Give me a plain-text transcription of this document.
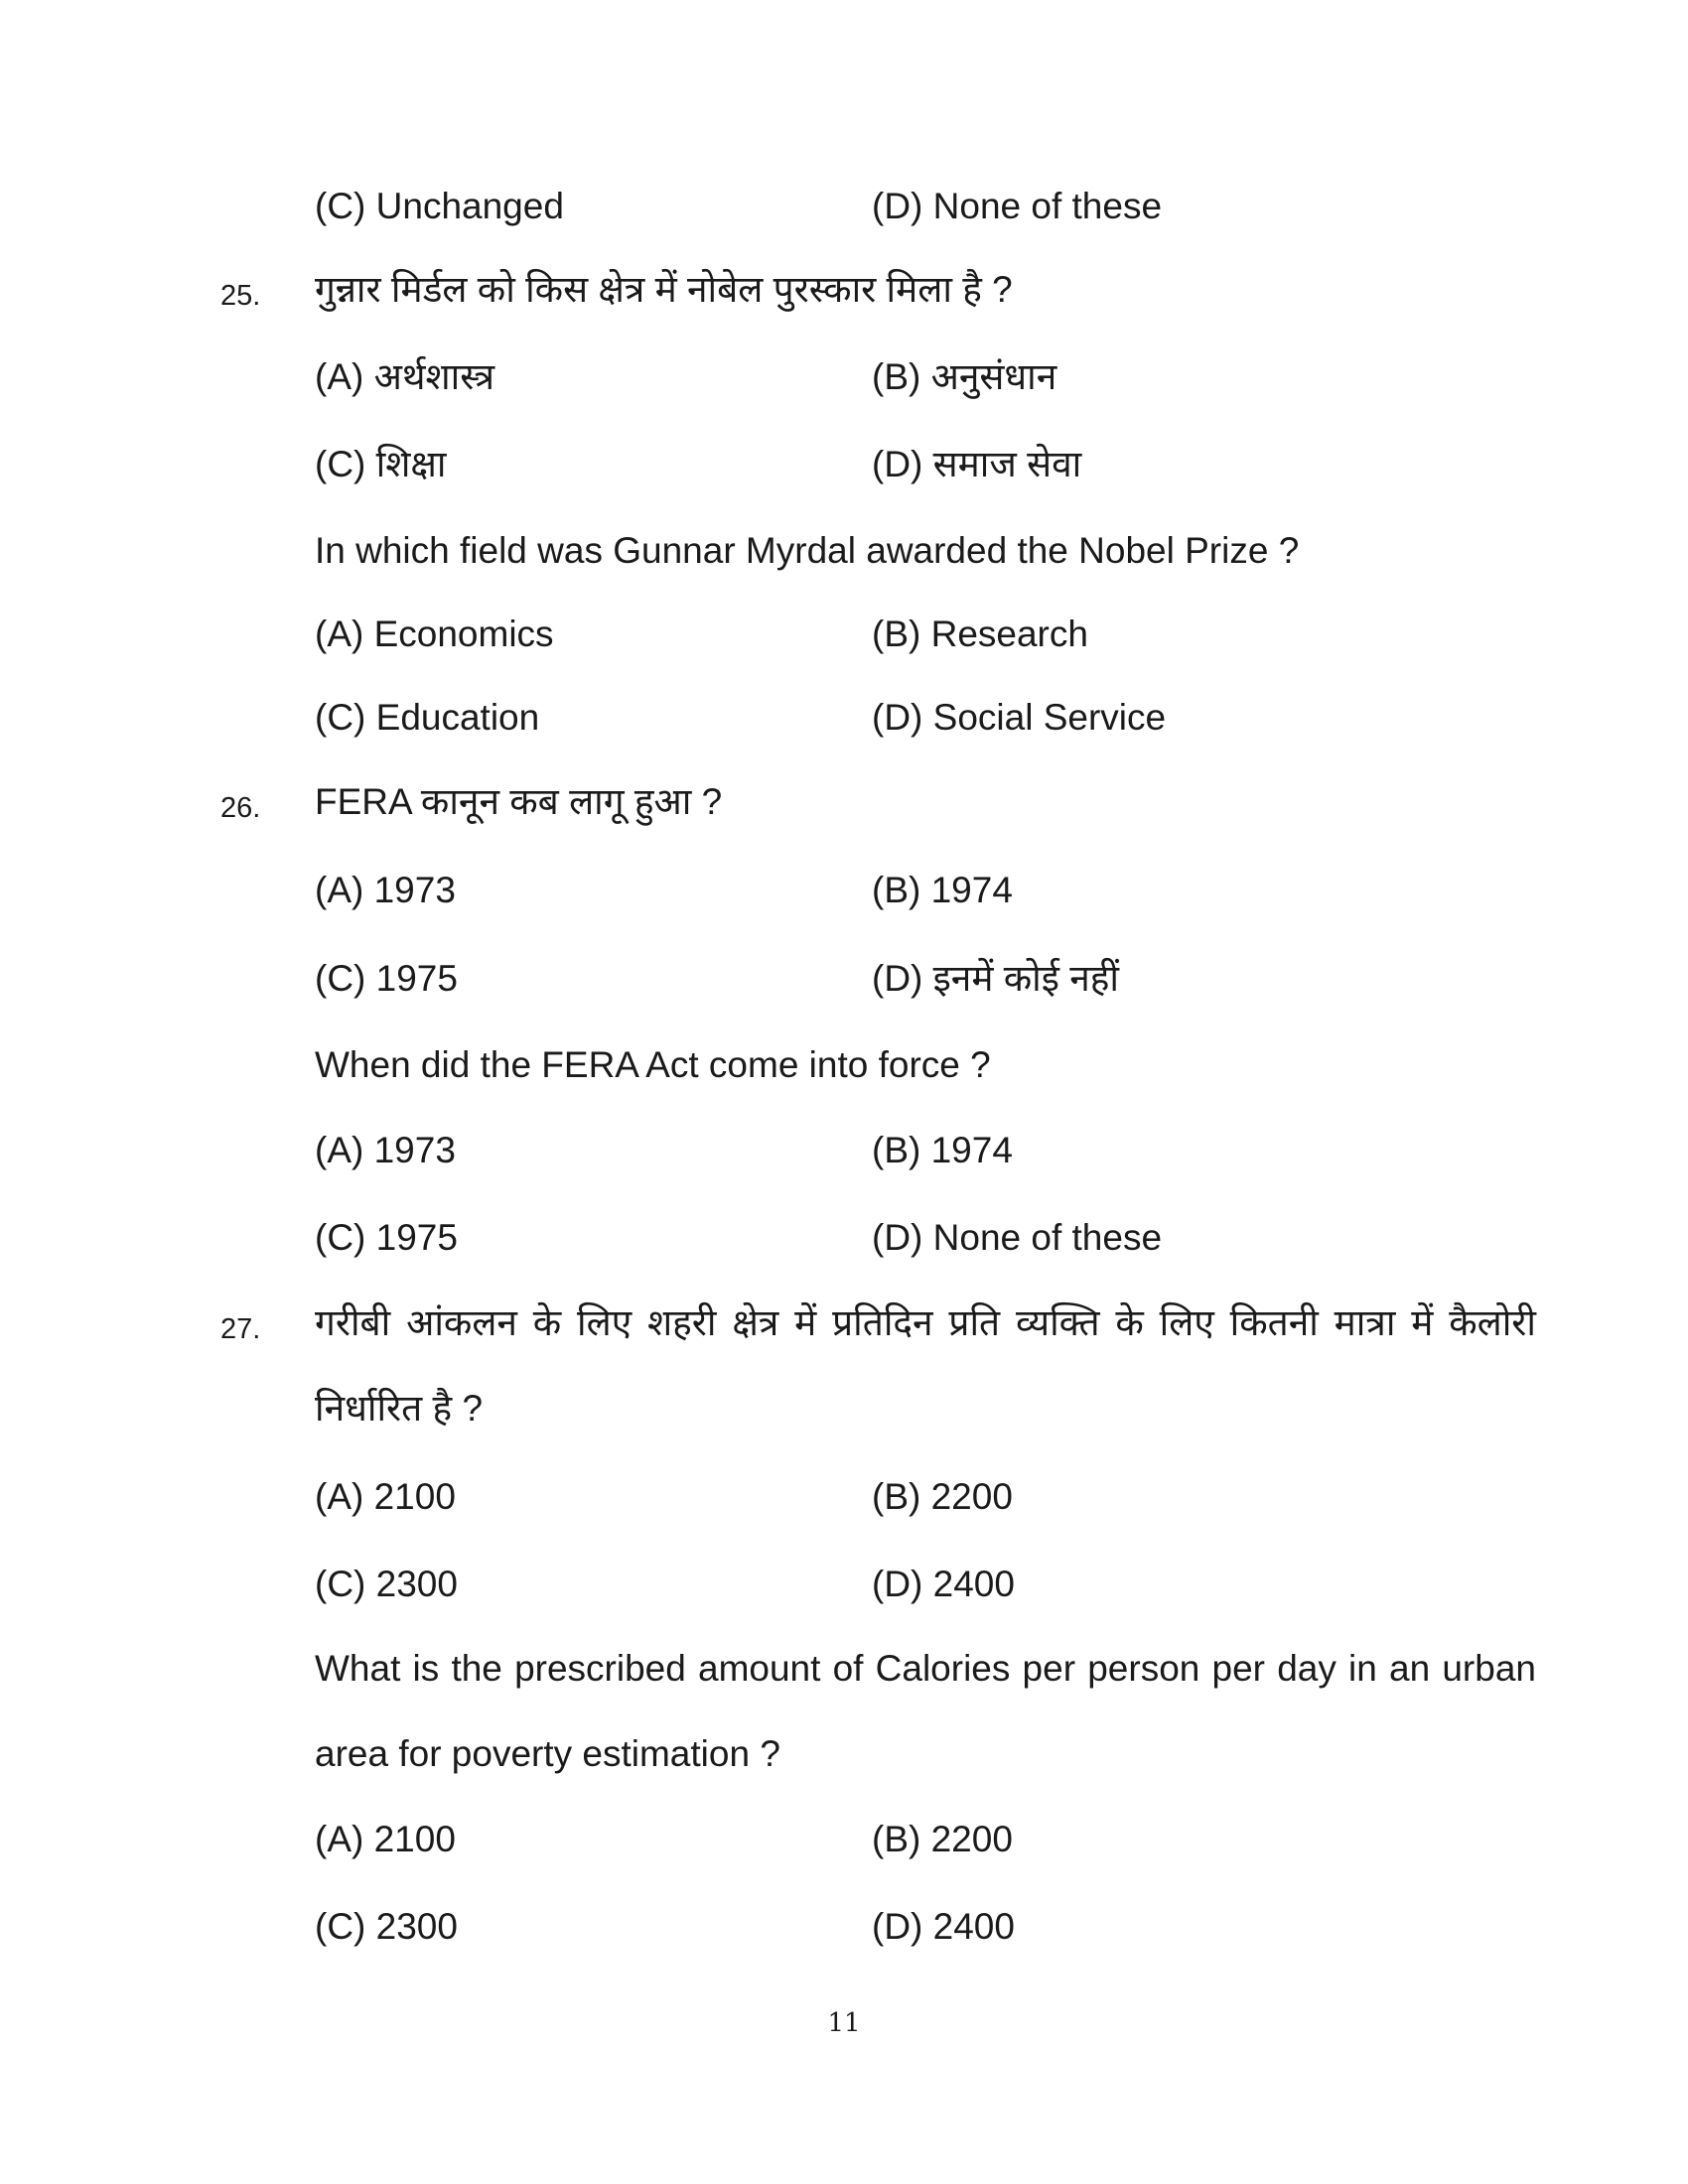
(C) Unchanged	(D) None of these
25. गुन्नार मिर्डल को किस क्षेत्र में नोबेल पुरस्कार मिला है ?
(A) अर्थशास्त्र	(B) अनुसंधान
(C) शिक्षा	(D) समाज सेवा
In which field was Gunnar Myrdal awarded the Nobel Prize ?
(A) Economics	(B) Research
(C) Education	(D) Social Service
26. FERA कानून कब लागू हुआ ?
(A) 1973	(B) 1974
(C) 1975	(D) इनमें कोई नहीं
When did the FERA Act come into force ?
(A) 1973	(B) 1974
(C) 1975	(D) None of these
27. गरीबी आंकलन के लिए शहरी क्षेत्र में प्रतिदिन प्रति व्यक्ति के लिए कितनी मात्रा में कैलोरी
निर्धारित है ?
(A) 2100	(B) 2200
(C) 2300	(D) 2400
What is the prescribed amount of Calories per person per day in an urban
area for poverty estimation ?
(A) 2100	(B) 2200
(C) 2300	(D) 2400
11
